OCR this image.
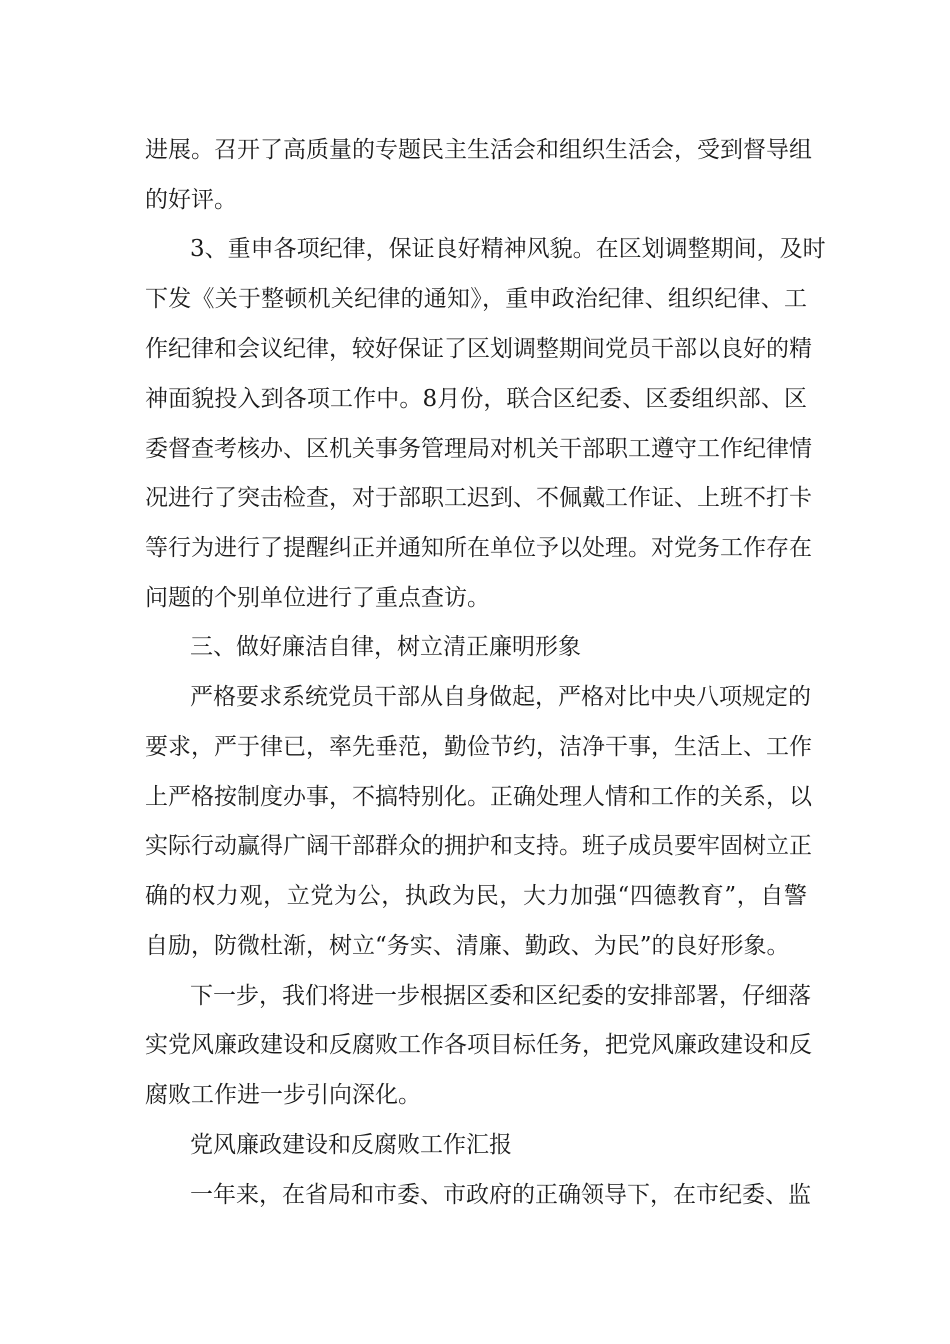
进展。召开了高质量的专题民主生活会和组织生活会，受到督导组
的好评。
3、重申各项纪律，保证良好精神风貌。在区划调整期间，及时
下发《关于整顿机关纪律的通知》，重申政治纪律、组织纪律、工
作纪律和会议纪律，较好保证了区划调整期间党员干部以良好的精
神面貌投入到各项工作中。8月份，联合区纪委、区委组织部、区
委督查考核办、区机关事务管理局对机关干部职工遵守工作纪律情
况进行了突击检查，对于部职工迟到、不佩戴工作证、上班不打卡
等行为进行了提醒纠正并通知所在单位予以处理。对党务工作存在
问题的个别单位进行了重点查访。
三、做好廉洁自律，树立清正廉明形象
严格要求系统党员干部从自身做起，严格对比中央八项规定的
要求，严于律已，率先垂范，勤俭节约，洁净干事，生活上、工作
上严格按制度办事，不搞特别化。正确处理人情和工作的关系，以
实际行动赢得广阔干部群众的拥护和支持。班子成员要牢固树立正
确的权力观，立党为公，执政为民，大力加强“四德教育”，自警
自励，防微杜渐，树立“务实、清廉、勤政、为民”的良好形象。
下一步，我们将进一步根据区委和区纪委的安排部署，仔细落
实党风廉政建设和反腐败工作各项目标任务，把党风廉政建设和反
腐败工作进一步引向深化。
党风廉政建设和反腐败工作汇报
一年来，在省局和市委、市政府的正确领导下，在市纪委、监
